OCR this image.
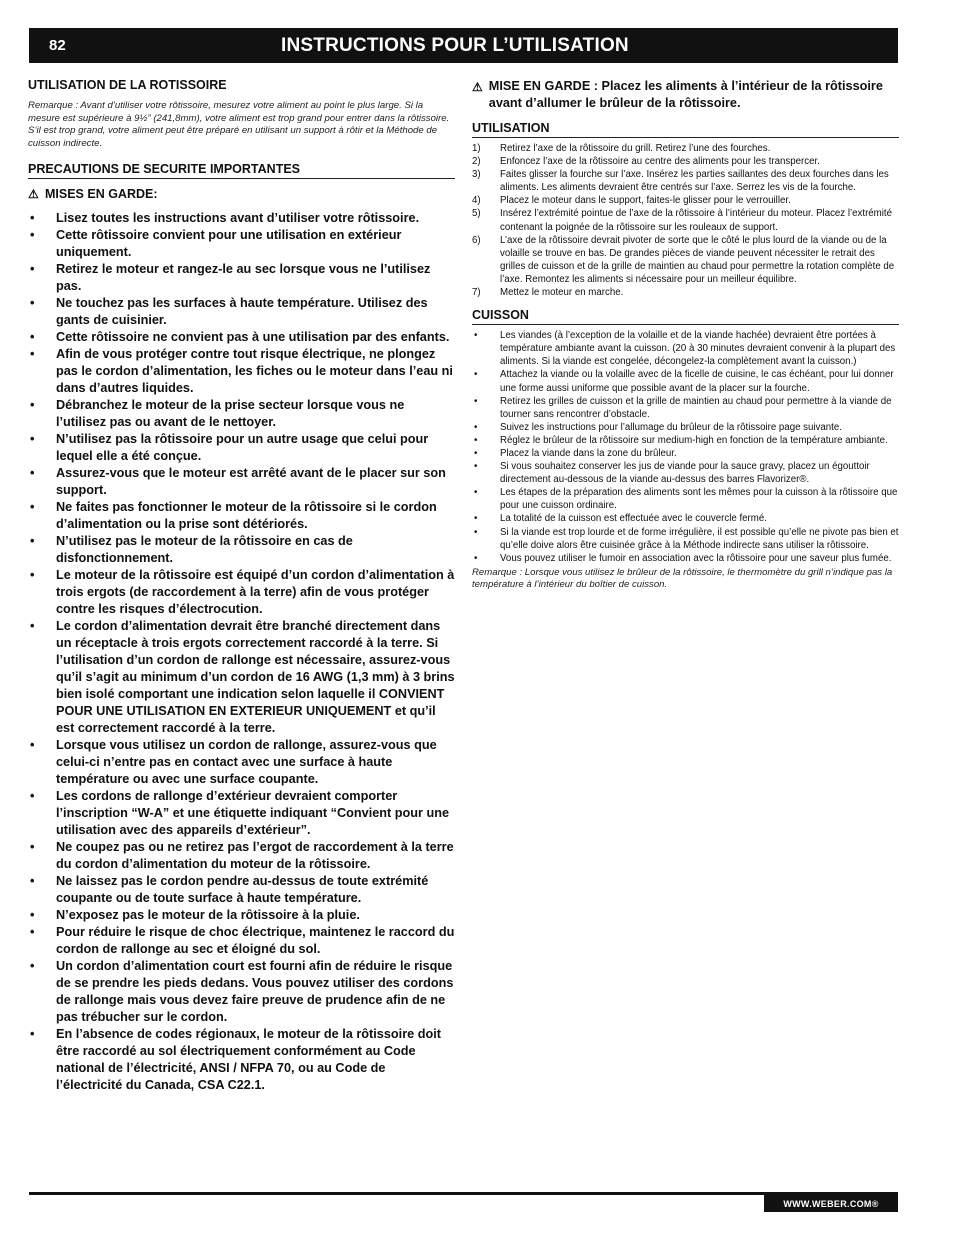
82	INSTRUCTIONS POUR L’UTILISATION
UTILISATION DE LA ROTISSOIRE

Remarque : Avant d’utiliser votre rôtissoire, mesurez votre aliment au point le plus large. Si la mesure est supérieure à 9½” (241,8mm), votre aliment est trop grand pour entrer dans la rôtissoire. S’il est trop grand, votre aliment peut être préparé en utilisant un support à rôtir et la Méthode de cuisson indirecte.

PRECAUTIONS DE SECURITE IMPORTANTES
⚠ MISES EN GARDE:
• Lisez toutes les instructions avant d’utiliser votre rôtissoire.
• Cette rôtissoire convient pour une utilisation en extérieur uniquement.
• Retirez le moteur et rangez-le au sec lorsque vous ne l’utilisez pas.
• Ne touchez pas les surfaces à haute température. Utilisez des gants de cuisinier.
• Cette rôtissoire ne convient pas à une utilisation par des enfants.
• Afin de vous protéger contre tout risque électrique, ne plongez pas le cordon d’alimentation, les fiches ou le moteur dans l’eau ni dans d’autres liquides.
• Débranchez le moteur de la prise secteur lorsque vous ne l’utilisez pas ou avant de le nettoyer.
• N’utilisez pas la rôtissoire pour un autre usage que celui pour lequel elle a été conçue.
• Assurez-vous que le moteur est arrêté avant de le placer sur son support.
• Ne faites pas fonctionner le moteur de la rôtissoire si le cordon d’alimentation ou la prise sont détériorés.
• N’utilisez pas le moteur de la rôtissoire en cas de disfonctionnement.
• Le moteur de la rôtissoire est équipé d’un cordon d’alimentation à trois ergots (de raccordement à la terre) afin de vous protéger contre les risques d’électrocution.
• Le cordon d’alimentation devrait être branché directement dans un réceptacle à trois ergots correctement raccordé à la terre. Si l’utilisation d’un cordon de rallonge est nécessaire, assurez-vous qu’il s’agit au minimum d’un cordon de 16 AWG (1,3 mm) à 3 brins bien isolé comportant une indication selon laquelle il CONVIENT POUR UNE UTILISATION EN EXTERIEUR UNIQUEMENT et qu’il est correctement raccordé à la terre.
• Lorsque vous utilisez un cordon de rallonge, assurez-vous que celui-ci n’entre pas en contact avec une surface à haute température ou avec une surface coupante.
• Les cordons de rallonge d’extérieur devraient comporter l’inscription “W-A” et une étiquette indiquant “Convient pour une utilisation avec des appareils d’extérieur”.
• Ne coupez pas ou ne retirez pas l’ergot de raccordement à la terre du cordon d’alimentation du moteur de la rôtissoire.
• Ne laissez pas le cordon pendre au-dessus de toute extrémité coupante ou de toute surface à haute température.
• N’exposez pas le moteur de la rôtissoire à la pluie.
• Pour réduire le risque de choc électrique, maintenez le raccord du cordon de rallonge au sec et éloigné du sol.
• Un cordon d’alimentation court est fourni afin de réduire le risque de se prendre les pieds dedans. Vous pouvez utiliser des cordons de rallonge mais vous devez faire preuve de prudence afin de ne pas trébucher sur le cordon.
• En l’absence de codes régionaux, le moteur de la rôtissoire doit être raccordé au sol électriquement conformément au Code national de l’électricité, ANSI / NFPA 70, ou au Code de l’électricité du Canada, CSA C22.1.
⚠ MISE EN GARDE : Placez les aliments à l’intérieur de la rôtissoire avant d’allumer le brûleur de la rôtissoire.
UTILISATION
1) Retirez l’axe de la rôtissoire du grill. Retirez l’une des fourches.
2) Enfoncez l’axe de la rôtissoire au centre des aliments pour les transpercer.
3) Faites glisser la fourche sur l’axe. Insérez les parties saillantes des deux fourches dans les aliments. Les aliments devraient être centrés sur l’axe. Serrez les vis de la fourche.
4) Placez le moteur dans le support, faites-le glisser pour le verrouiller.
5) Insérez l’extrémité pointue de l’axe de la rôtissoire à l’intérieur du moteur. Placez l’extrémité contenant la poignée de la rôtissoire sur les rouleaux de support.
6) L’axe de la rôtissoire devrait pivoter de sorte que le côté le plus lourd de la viande ou de la volaille se trouve en bas. De grandes pièces de viande peuvent nécessiter le retrait des grilles de cuisson et de la grille de maintien au chaud pour permettre la rotation complète de l’axe. Remontez les aliments si nécessaire pour un meilleur équilibre.
7) Mettez le moteur en marche.
CUISSON
• Les viandes (à l’exception de la volaille et de la viande hachée) devraient être portées à température ambiante avant la cuisson. (20 à 30 minutes devraient convenir à la plupart des aliments. Si la viande est congelée, décongelez-la complètement avant la cuisson.)
• Attachez la viande ou la volaille avec de la ficelle de cuisine, le cas échéant, pour lui donner une forme aussi uniforme que possible avant de la placer sur la fourche.
• Retirez les grilles de cuisson et la grille de maintien au chaud pour permettre à la viande de tourner sans rencontrer d’obstacle.
• Suivez les instructions pour l’allumage du brûleur de la rôtissoire page suivante.
• Réglez le brûleur de la rôtissoire sur medium-high en fonction de la température ambiante.
• Placez la viande dans la zone du brûleur.
• Si vous souhaitez conserver les jus de viande pour la sauce gravy, placez un égouttoir directement au-dessous de la viande au-dessus des barres Flavorizer®.
• Les étapes de la préparation des aliments sont les mêmes pour la cuisson à la rôtissoire que pour une cuisson ordinaire.
• La totalité de la cuisson est effectuée avec le couvercle fermé.
• Si la viande est trop lourde et de forme irrégulière, il est possible qu’elle ne pivote pas bien et qu’elle doive alors être cuisinée grâce à la Méthode indirecte sans utiliser la rôtissoire.
• Vous pouvez utiliser le fumoir en association avec la rôtissoire pour une saveur plus fumée.

Remarque : Lorsque vous utilisez le brûleur de la rôtissoire, le thermomètre du grill n’indique pas la température à l’intérieur du boîtier de cuisson.

WWW.WEBER.COM®
